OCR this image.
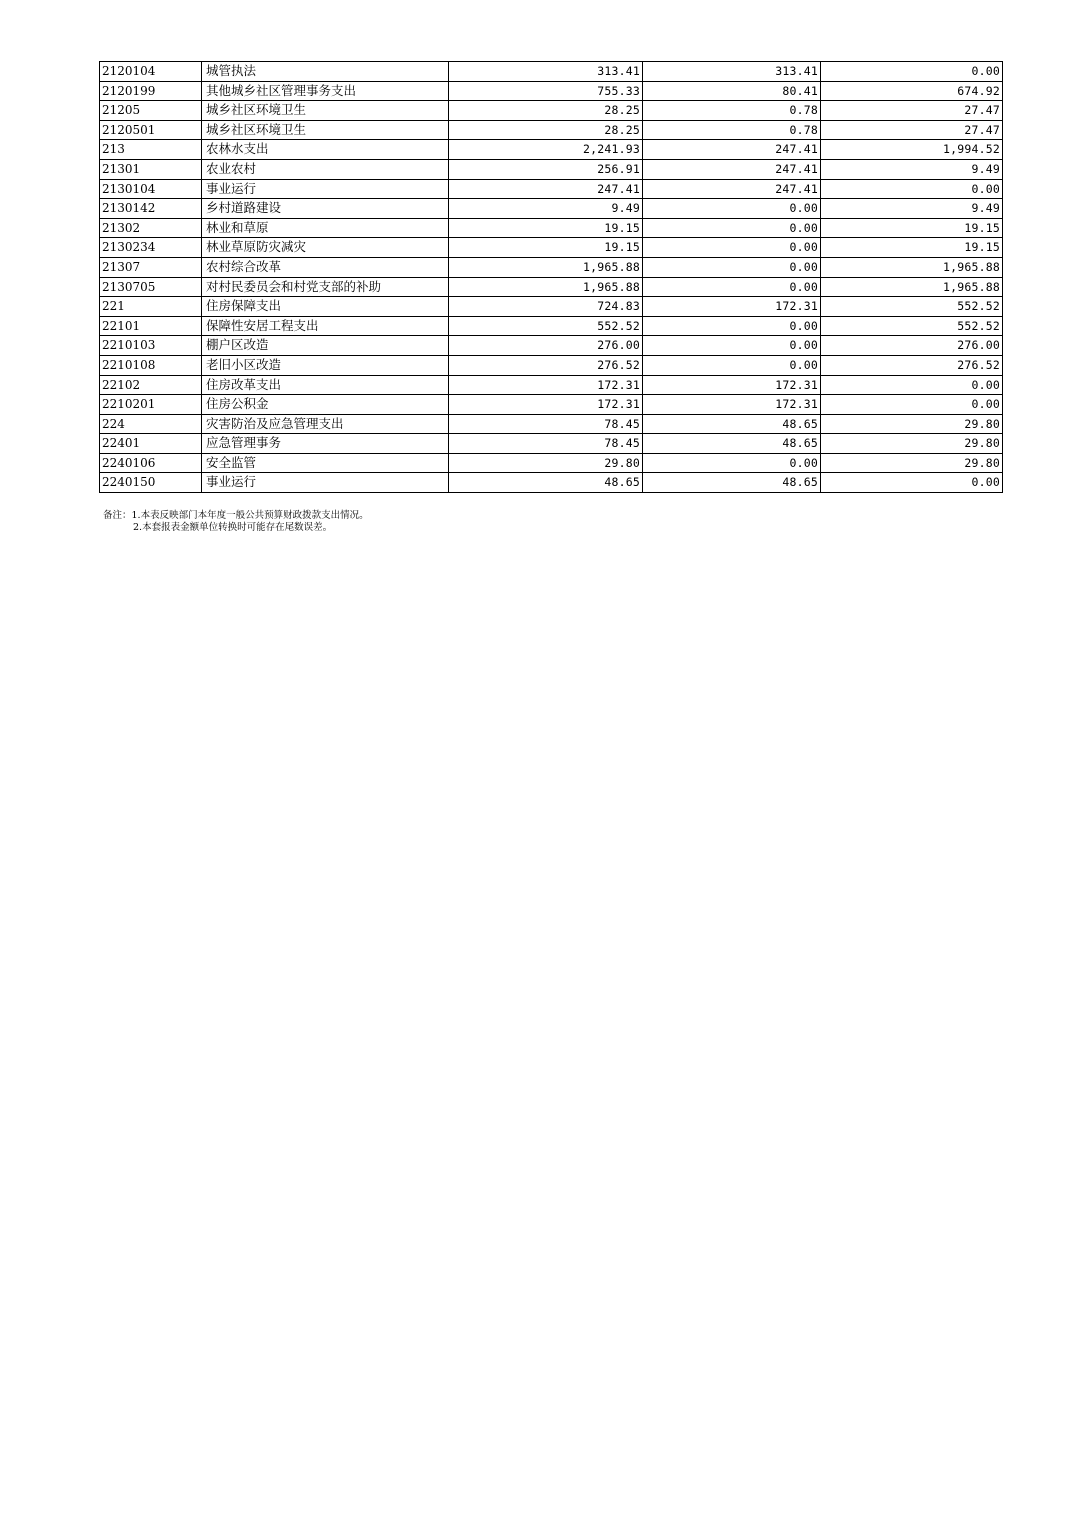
2120104	城管执法	313.41	313.41	0.00
2120199	其他城乡社区管理事务支出	755.33	80.41	674.92
21205	城乡社区环境卫生	28.25	0.78	27.47
2120501	城乡社区环境卫生	28.25	0.78	27.47
213	农林水支出	2,241.93	247.41	1,994.52
21301	农业农村	256.91	247.41	9.49
2130104	事业运行	247.41	247.41	0.00
2130142	乡村道路建设	9.49	0.00	9.49
21302	林业和草原	19.15	0.00	19.15
2130234	林业草原防灾减灾	19.15	0.00	19.15
21307	农村综合改革	1,965.88	0.00	1,965.88
2130705	对村民委员会和村党支部的补助	1,965.88	0.00	1,965.88
221	住房保障支出	724.83	172.31	552.52
22101	保障性安居工程支出	552.52	0.00	552.52
2210103	棚户区改造	276.00	0.00	276.00
2210108	老旧小区改造	276.52	0.00	276.52
22102	住房改革支出	172.31	172.31	0.00
2210201	住房公积金	172.31	172.31	0.00
224	灾害防治及应急管理支出	78.45	48.65	29.80
22401	应急管理事务	78.45	48.65	29.80
2240106	安全监管	29.80	0.00	29.80
2240150	事业运行	48.65	48.65	0.00
备注：1.本表反映部门本年度一般公共预算财政拨款支出情况。
2.本套报表金额单位转换时可能存在尾数误差。
